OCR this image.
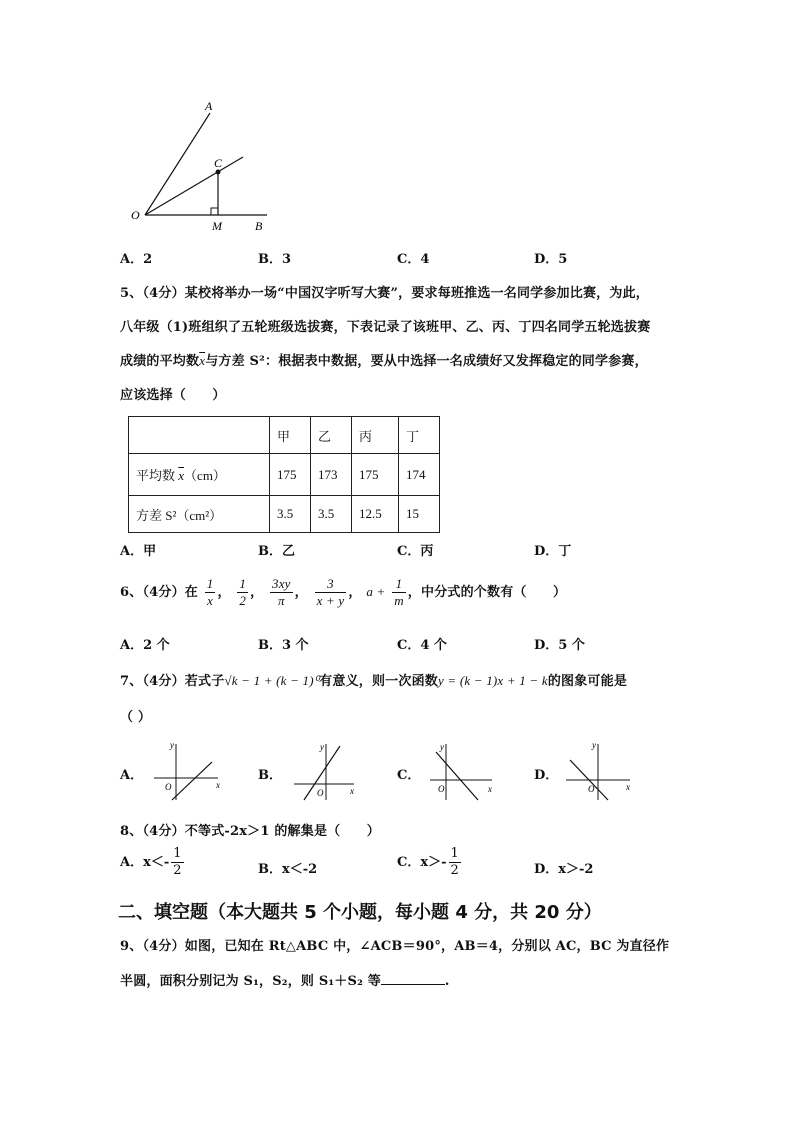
A
C
O
M	B
A．2	B．3	C．4	D．5
5、（4分）某校将举办一场“中国汉字听写大赛”，要求每班推选一名同学参加比赛，为此，
八年级（1)班组织了五轮班级选拔赛，下表记录了该班甲、乙、丙、丁四名同学五轮选拔赛
成绩的平均数$\overline{x}$与方差 S²：根据表中数据，要从中选择一名成绩好又发挥稳定的同学参赛，
应该选择（　　）
	甲	乙	丙	丁
平均数 $\overline{x}(cm)$	175	173	175	174
方差 S²（cm²）	3.5	3.5	12.5	15
A．甲	B．乙	C．丙	D．丁
6、（4分）在 $\frac{1}{x}$ ， $\frac{1}{2}$ ， $\frac{3xy}{\pi}$ ， $\frac{3}{x + y}$ ， $a + \frac{1}{m}$ ，中分式的个数有（　　）
A．2 个	B．3 个	C．4 个	D．5 个
7、（4分）若式子√k − 1 + (k − 1)⁰有意义，则一次函数y = (k − 1)x + 1 − k的图象可能是
（ ）
A．	B．	C．	D．
y
x
O
y
x
O
y
x
O
y
x
O
8、（4分）不等式-2x＞1 的解集是（　　）
A．$x<- \frac{1}{2}$	B．x＜-2	C．$x>- \frac{1}{2}$	D．x＞-2
二、填空题（本大题共 5 个小题，每小题 4 分，共 20 分）
9、（4分）如图，已知在 Rt△ABC 中，∠ACB＝90°，AB＝4，分别以 AC，BC 为直径作
半圆，面积分别记为 S₁，S₂，则 S₁＋S₂ 等	.
